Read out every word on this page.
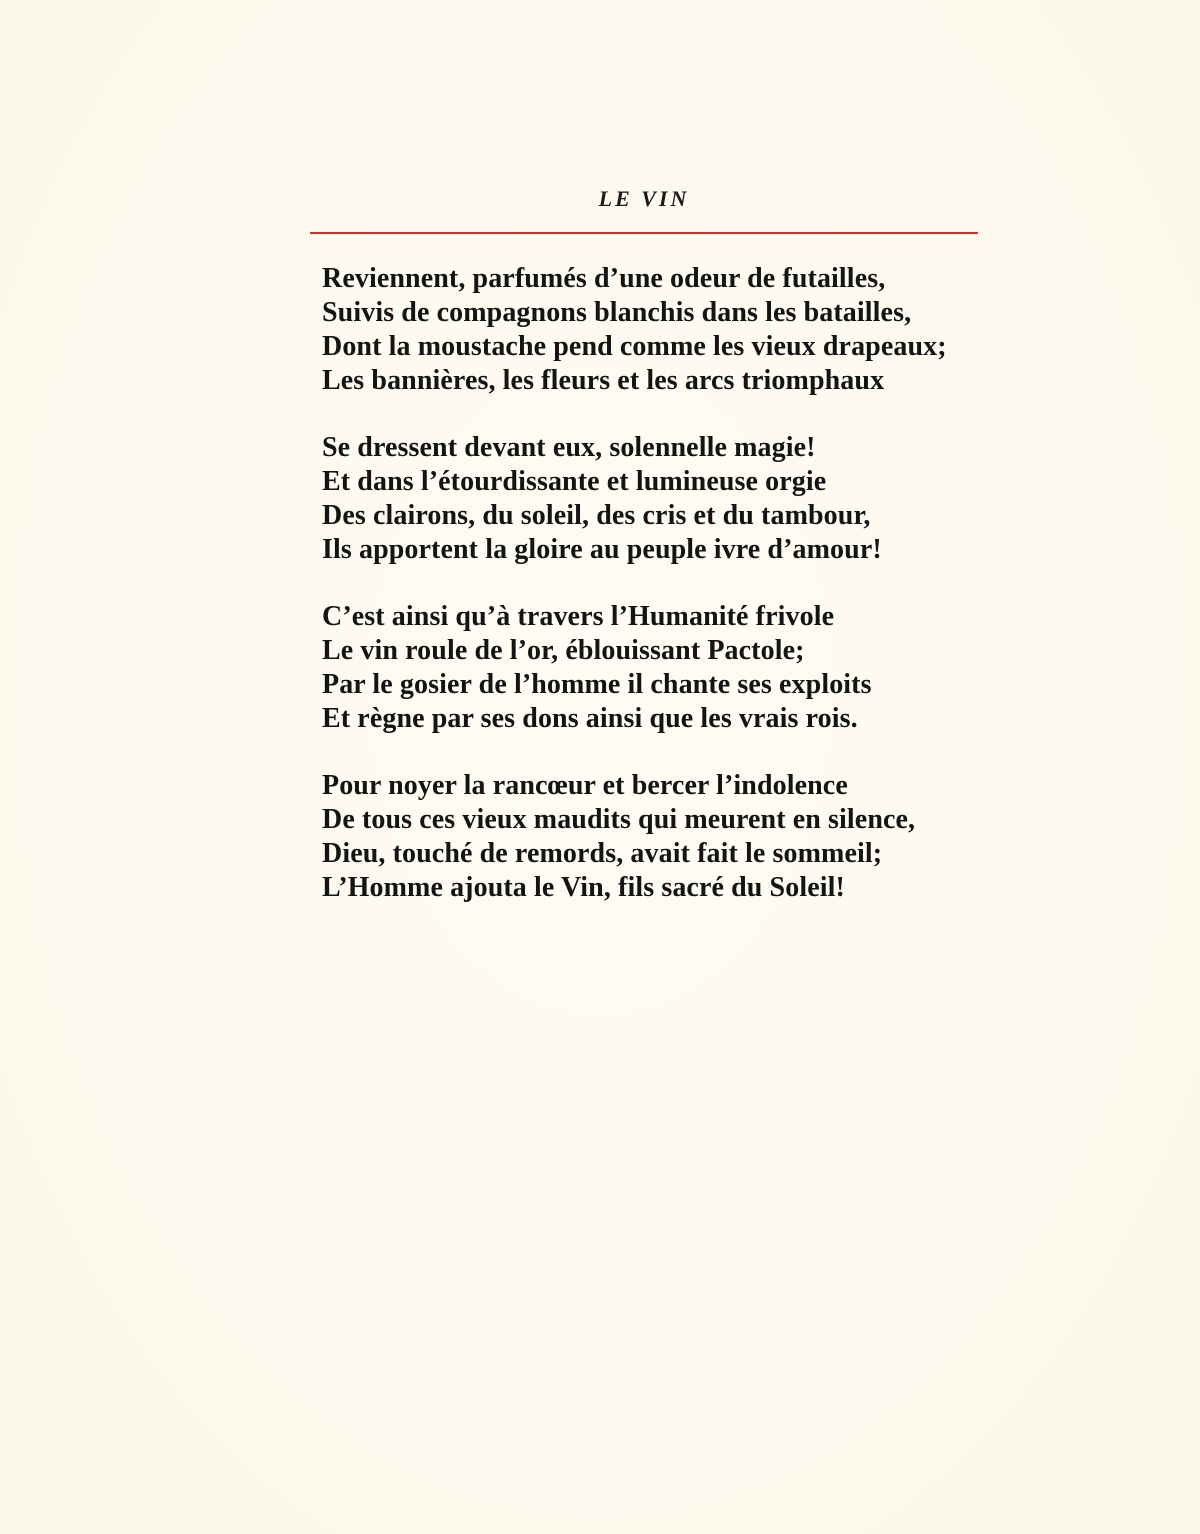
LE VIN
Reviennent, parfumés d’une odeur de futailles,
Suivis de compagnons blanchis dans les batailles,
Dont la moustache pend comme les vieux drapeaux;
Les bannières, les fleurs et les arcs triomphaux
Se dressent devant eux, solennelle magie!
Et dans l’étourdissante et lumineuse orgie
Des clairons, du soleil, des cris et du tambour,
Ils apportent la gloire au peuple ivre d’amour!
C’est ainsi qu’à travers l’Humanité frivole
Le vin roule de l’or, éblouissant Pactole;
Par le gosier de l’homme il chante ses exploits
Et règne par ses dons ainsi que les vrais rois.
Pour noyer la rancœur et bercer l’indolence
De tous ces vieux maudits qui meurent en silence,
Dieu, touché de remords, avait fait le sommeil;
L’Homme ajouta le Vin, fils sacré du Soleil!
